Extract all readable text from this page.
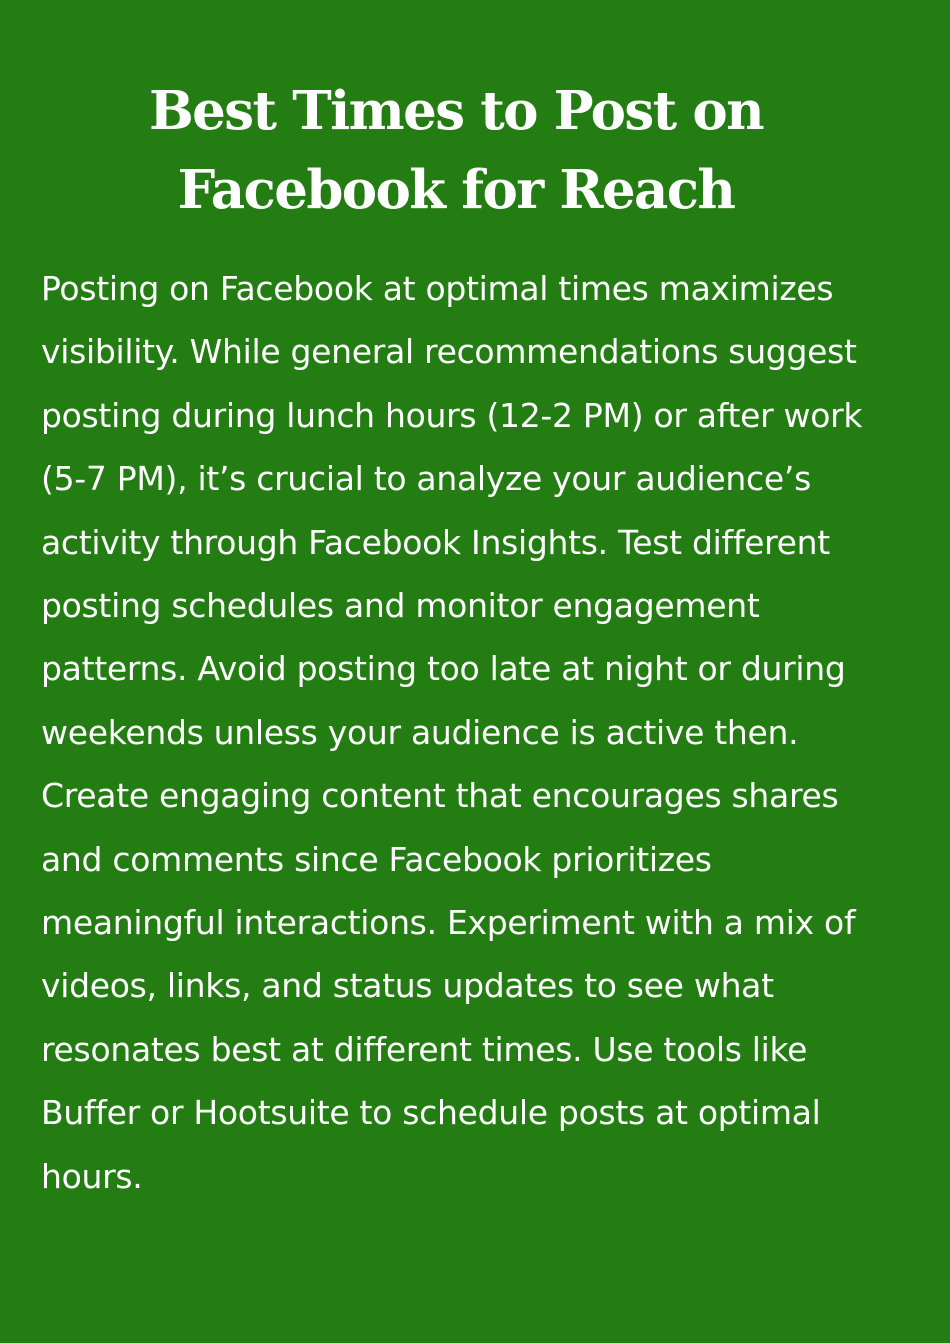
Best Times to Post on
Facebook for Reach

Posting on Facebook at optimal times maximizes
visibility. While general recommendations suggest
posting during lunch hours (12-2 PM) or after work
(5-7 PM), it’s crucial to analyze your audience’s
activity through Facebook Insights. Test different
posting schedules and monitor engagement
patterns. Avoid posting too late at night or during
weekends unless your audience is active then.
Create engaging content that encourages shares
and comments since Facebook prioritizes
meaningful interactions. Experiment with a mix of
videos, links, and status updates to see what
resonates best at different times. Use tools like
Buffer or Hootsuite to schedule posts at optimal
hours.
